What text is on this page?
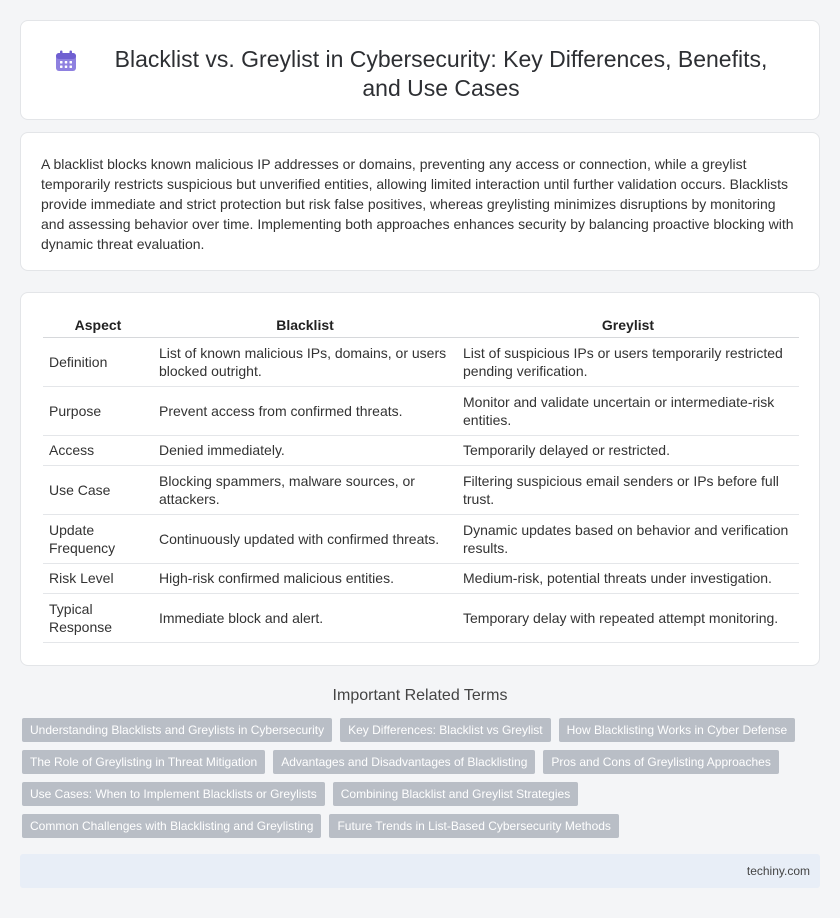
Blacklist vs. Greylist in Cybersecurity: Key Differences, Benefits, and Use Cases

A blacklist blocks known malicious IP addresses or domains, preventing any access or connection, while a greylist temporarily restricts suspicious but unverified entities, allowing limited interaction until further validation occurs. Blacklists provide immediate and strict protection but risk false positives, whereas greylisting minimizes disruptions by monitoring and assessing behavior over time. Implementing both approaches enhances security by balancing proactive blocking with dynamic threat evaluation.

Aspect	Blacklist	Greylist
Definition	List of known malicious IPs, domains, or users blocked outright.	List of suspicious IPs or users temporarily restricted pending verification.
Purpose	Prevent access from confirmed threats.	Monitor and validate uncertain or intermediate-risk entities.
Access	Denied immediately.	Temporarily delayed or restricted.
Use Case	Blocking spammers, malware sources, or attackers.	Filtering suspicious email senders or IPs before full trust.
Update Frequency	Continuously updated with confirmed threats.	Dynamic updates based on behavior and verification results.
Risk Level	High-risk confirmed malicious entities.	Medium-risk, potential threats under investigation.
Typical Response	Immediate block and alert.	Temporary delay with repeated attempt monitoring.
Important Related Terms
Understanding Blacklists and Greylists in Cybersecurity	Key Differences: Blacklist vs Greylist	How Blacklisting Works in Cyber Defense
The Role of Greylisting in Threat Mitigation	Advantages and Disadvantages of Blacklisting	Pros and Cons of Greylisting Approaches
Use Cases: When to Implement Blacklists or Greylists	Combining Blacklist and Greylist Strategies
Common Challenges with Blacklisting and Greylisting	Future Trends in List-Based Cybersecurity Methods
techiny.com
